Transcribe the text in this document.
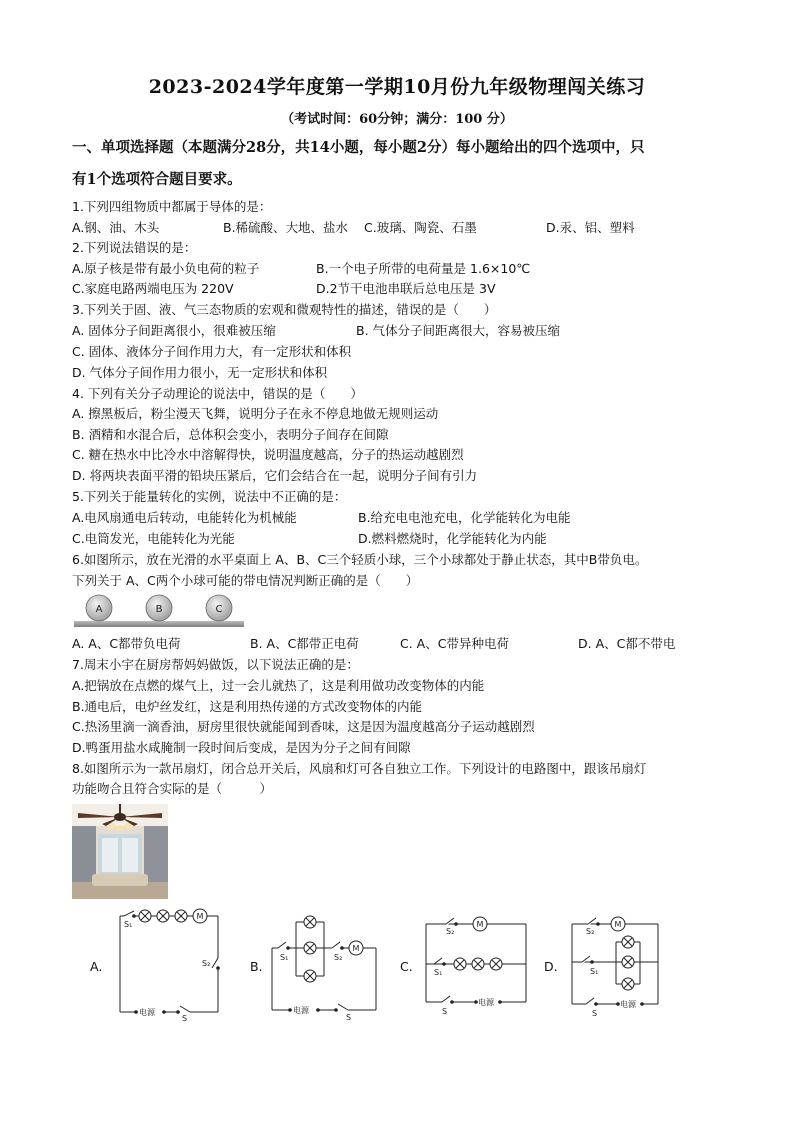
2023-2024学年度第一学期10月份九年级物理闯关练习
（考试时间：60分钟；满分：100 分）
一、单项选择题（本题满分28分，共14小题，每小题2分）每小题给出的四个选项中，只
有1个选项符合题目要求。
1.下列四组物质中都属于导体的是：
A.钢、油、木头	B.稀硫酸、大地、盐水 C.玻璃、陶瓷、石墨	D.汞、铝、塑料
2.下列说法错误的是：
A.原子核是带有最小负电荷的粒子	B.一个电子所带的电荷量是 1.6×10℃
C.家庭电路两端电压为 220V	D.2节干电池串联后总电压是 3V
3.下列关于固、液、气三态物质的宏观和微观特性的描述，错误的是（　　）
A. 固体分子间距离很小，很难被压缩	B. 气体分子间距离很大，容易被压缩
C. 固体、液体分子间作用力大，有一定形状和体积
D. 气体分子间作用力很小，无一定形状和体积
4. 下列有关分子动理论的说法中，错误的是（　　）
A. 擦黑板后，粉尘漫天飞舞，说明分子在永不停息地做无规则运动
B. 酒精和水混合后，总体积会变小，表明分子间存在间隙
C. 糖在热水中比冷水中溶解得快，说明温度越高，分子的热运动越剧烈
D. 将两块表面平滑的铅块压紧后，它们会结合在一起，说明分子间有引力
5.下列关于能量转化的实例，说法中不正确的是：
A.电风扇通电后转动，电能转化为机械能	B.给充电电池充电，化学能转化为电能
C.电筒发光，电能转化为光能	D.燃料燃烧时，化学能转化为内能
6.如图所示，放在光滑的水平桌面上 A、B、C三个轻质小球，三个小球都处于静止状态，其中B带负电。
下列关于 A、C两个小球可能的带电情况判断正确的是（　　）
A	B	C
A. A、C都带负电荷	B. A、C都带正电荷	C. A、C带异种电荷	D. A、C都不带电
7.周末小宇在厨房帮妈妈做饭，以下说法正确的是：
A.把锅放在点燃的煤气上，过一会儿就热了，这是利用做功改变物体的内能
B.通电后，电炉丝发红，这是利用热传递的方式改变物体的内能
C.热汤里滴一滴香油，厨房里很快就能闻到香味，这是因为温度越高分子运动越剧烈
D.鸭蛋用盐水咸腌制一段时间后变成，是因为分子之间有间隙
8.如图所示为一款吊扇灯，闭合总开关后，风扇和灯可各自独立工作。下列设计的电路图中，跟该吊扇灯
功能吻合且符合实际的是（　　　）
A.
S₁
M
S₂
电源
S
B.
S₁	S₂
M
电源
S
C.
S₂
M
S₁
S
电源
D.
S₂
M
S₁
S
电源
